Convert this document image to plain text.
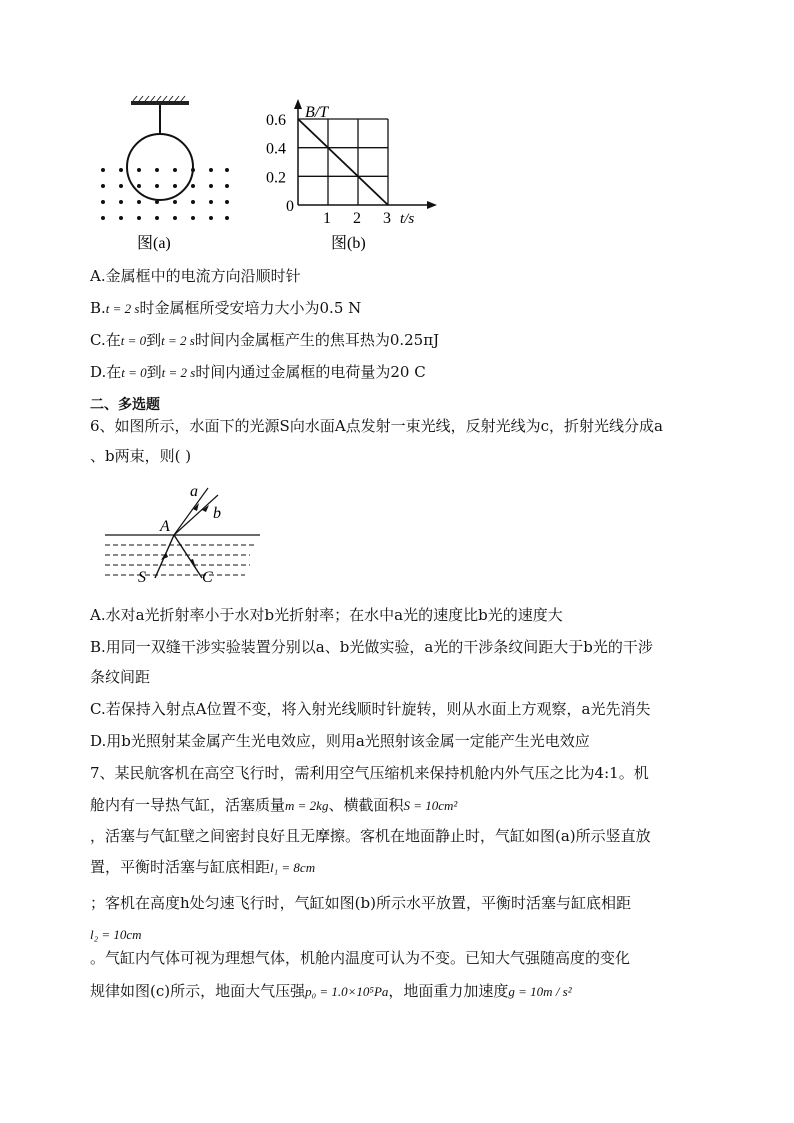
图(a)
0.6
0.4
0.2
1 2 3
B/T
t/s
0
图(b)
A.金属框中的电流方向沿顺时针
B.t = 2 s时金属框所受安培力大小为0.5 N
C.在t = 0到t = 2 s时间内金属框产生的焦耳热为0.25πJ
D.在t = 0到t = 2 s时间内通过金属框的电荷量为20 C
二、多选题
6、如图所示，水面下的光源S向水面A点发射一束光线，反射光线为c，折射光线分成a
、b两束，则( )
a
b
A
S	C
A.水对a光折射率小于水对b光折射率；在水中a光的速度比b光的速度大
B.用同一双缝干涉实验装置分别以a、b光做实验，a光的干涉条纹间距大于b光的干涉
条纹间距
C.若保持入射点A位置不变，将入射光线顺时针旋转，则从水面上方观察，a光先消失
D.用b光照射某金属产生光电效应，则用a光照射该金属一定能产生光电效应
7、某民航客机在高空飞行时，需利用空气压缩机来保持机舱内外气压之比为4:1。机
舱内有一导热气缸，活塞质量m = 2kg、横截面积S = 10cm²
，活塞与气缸壁之间密封良好且无摩擦。客机在地面静止时，气缸如图(a)所示竖直放
置，平衡时活塞与缸底相距l₁ = 8cm
；客机在高度h处匀速飞行时，气缸如图(b)所示水平放置，平衡时活塞与缸底相距
l₂ = 10cm
。气缸内气体可视为理想气体，机舱内温度可认为不变。已知大气强随高度的变化
规律如图(c)所示，地面大气压强p₀ = 1.0×10⁵Pa，地面重力加速度g = 10m / s²
